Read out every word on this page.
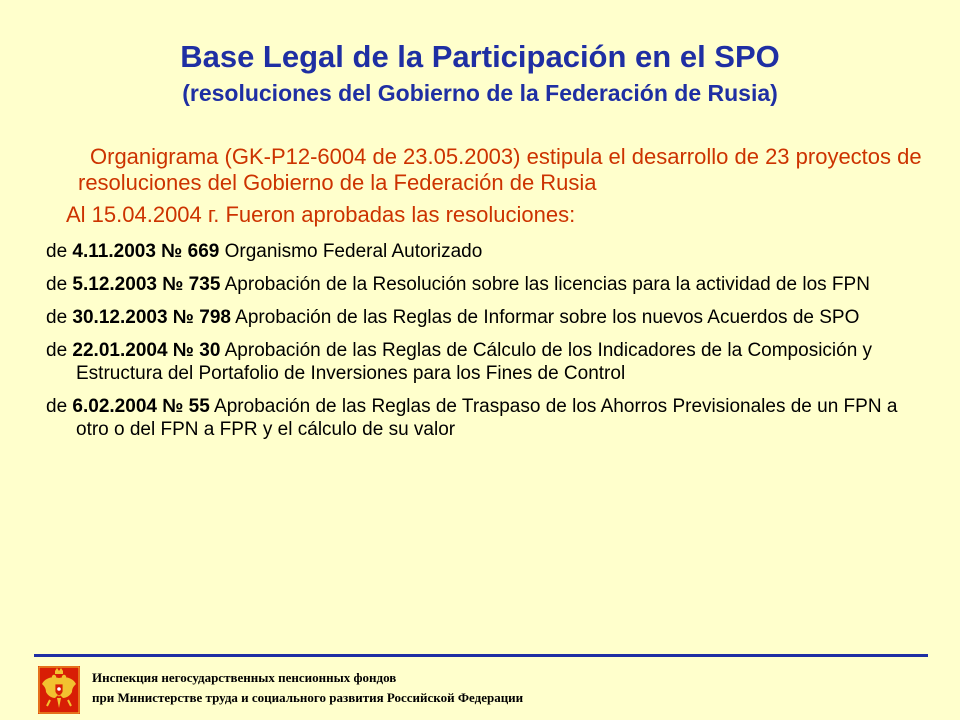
Base Legal de la Participación en el SPO
(resoluciones del Gobierno de la Federación de Rusia)
Organigrama (GK-P12-6004 de 23.05.2003) estipula el desarrollo de 23 proyectos de resoluciones del Gobierno de la Federación de Rusia
Al 15.04.2004 г. Fueron aprobadas las resoluciones:
de 4.11.2003 № 669 Organismo Federal Autorizado
de 5.12.2003 № 735 Aprobación de la Resolución sobre las licencias para la actividad de los FPN
de 30.12.2003 № 798 Aprobación de las Reglas de Informar sobre los nuevos Acuerdos de SPO
de 22.01.2004 № 30 Aprobación de las Reglas de Cálculo de los Indicadores de la Composición y Estructura del Portafolio de Inversiones para los Fines de Control
de 6.02.2004 № 55 Aprobación de las Reglas de Traspaso de los Ahorros Previsionales de un FPN a otro o del FPN a FPR y el cálculo de su valor
Инспекция негосударственных пенсионных фондов
при Министерстве труда и социального развития Российской Федерации
